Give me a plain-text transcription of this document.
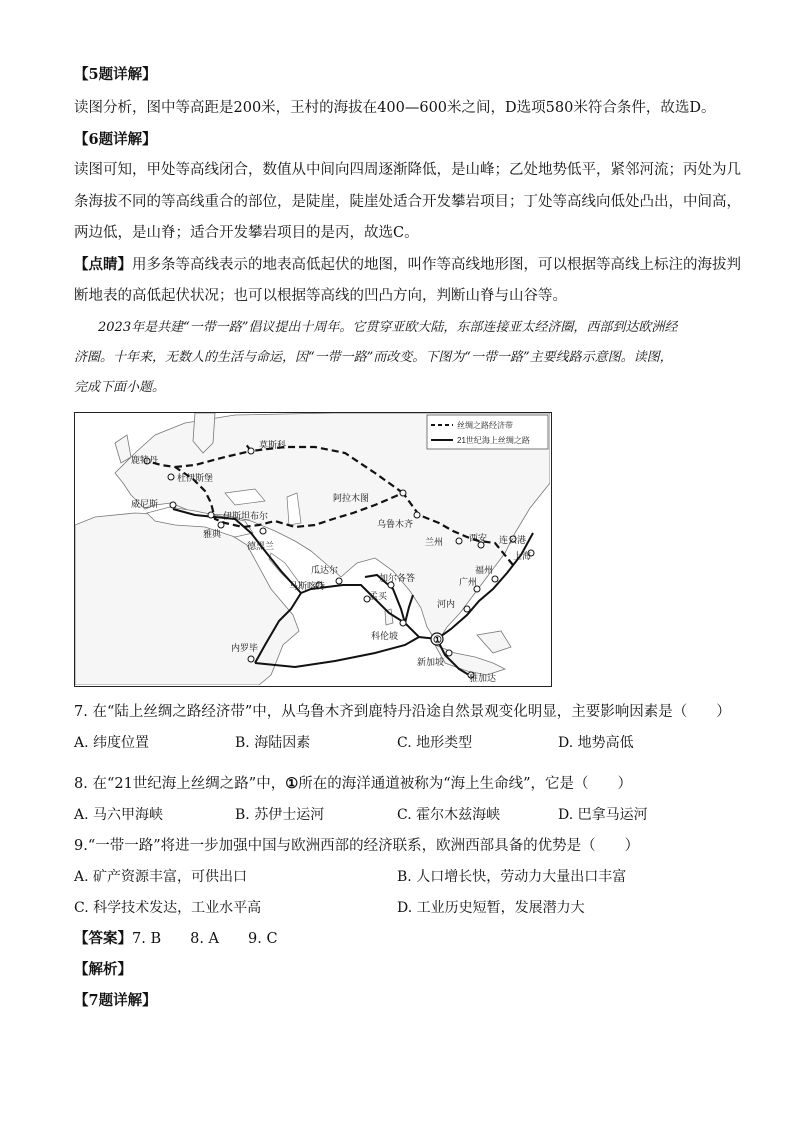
【5题详解】
读图分析，图中等高距是200米，王村的海拔在400—600米之间，D选项580米符合条件，故选D。
【6题详解】
读图可知，甲处等高线闭合，数值从中间向四周逐渐降低，是山峰；乙处地势低平，紧邻河流；丙处为几
条海拔不同的等高线重合的部位，是陡崖，陡崖处适合开发攀岩项目；丁处等高线向低处凸出，中间高，
两边低，是山脊；适合开发攀岩项目的是丙，故选C。
【点睛】用多条等高线表示的地表高低起伏的地图，叫作等高线地形图，可以根据等高线上标注的海拔判
断地表的高低起伏状况；也可以根据等高线的凹凸方向，判断山脊与山谷等。
2023年是共建“一带一路”倡议提出十周年。它贯穿亚欧大陆，东部连接亚太经济圈，西部到达欧洲经
济圈。十年来，无数人的生活与命运，因“一带一路”而改变。下图为“一带一路”主要线路示意图。读图，
完成下面小题。
丝绸之路经济带
21世纪海上丝绸之路
①
莫斯科
鹿特丹
杜伊斯堡
威尼斯
伊斯坦布尔
雅典
德黑兰
阿拉木图
乌鲁木齐
兰州	西安 连云港
上海
福州
广州
河内
加尔各答
孟买
瓜达尔
马斯喀特
科伦坡
新加坡
雅加达
内罗毕
7. 在“陆上丝绸之路经济带”中，从乌鲁木齐到鹿特丹沿途自然景观变化明显，主要影响因素是（　　）
A. 纬度位置	B. 海陆因素	C. 地形类型	D. 地势高低
8. 在“21世纪海上丝绸之路”中，①所在的海洋通道被称为“海上生命线”，它是（　　）
A. 马六甲海峡	B. 苏伊士运河	C. 霍尔木兹海峡	D. 巴拿马运河
9.“一带一路”将进一步加强中国与欧洲西部的经济联系，欧洲西部具备的优势是（　　）
A. 矿产资源丰富，可供出口	B. 人口增长快，劳动力大量出口丰富
C. 科学技术发达，工业水平高	D. 工业历史短暂，发展潜力大
【答案】7. B　　8. A　　9. C
【解析】
【7题详解】
